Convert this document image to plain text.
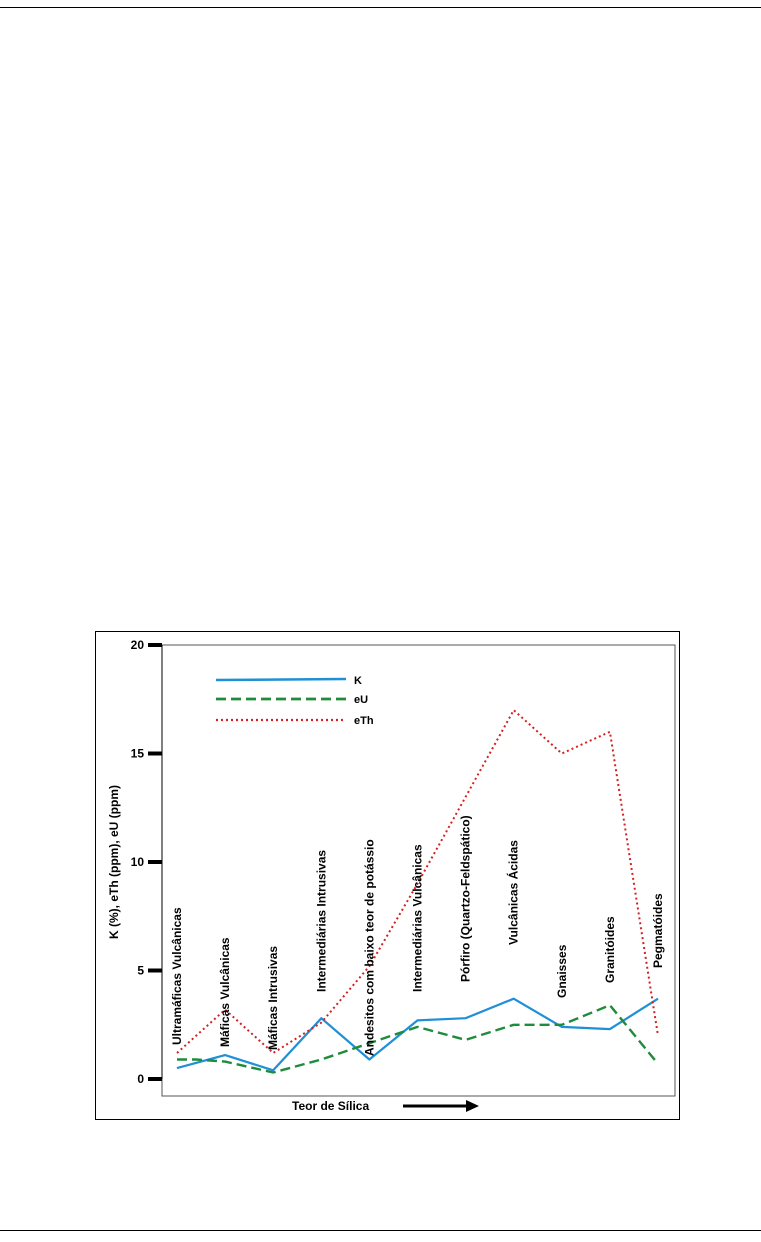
0
5
10
15
20
K (%), eTh (ppm), eU (ppm)
Ultramáficas Vulcânicas	Máficas Vulcânicas	Máficas Intrusivas
Intermediárias Intrusivas	Andesitos com baixo teor de potássio	Intermediárias Vulcânicas	Pórfiro (Quartzo-Feldspático)	Vulcânicas Ácidas
Gnaisses	Granitóides	Pegmatóides
K
eU
eTh
Teor de Sílica
